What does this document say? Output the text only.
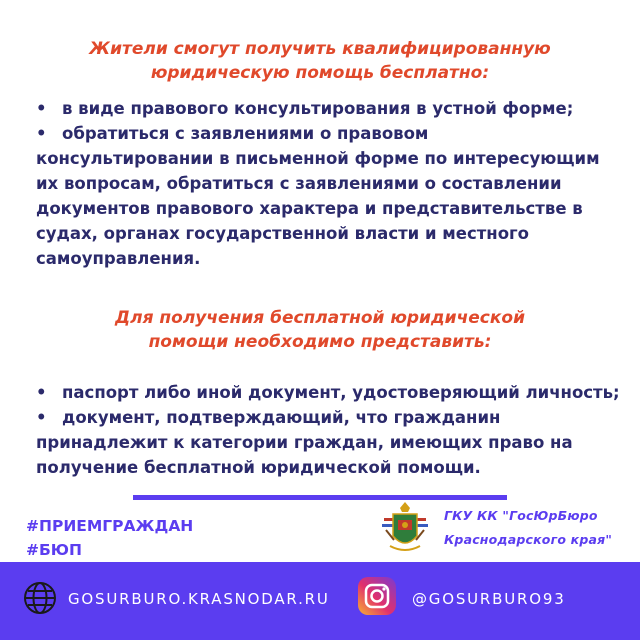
Жители смогут получить квалифицированную
юридическую помощь бесплатно:
• в виде правового консультирования в устной форме;
• обратиться с заявлениями о правовом
консультировании в письменной форме по интересующим
их вопросам, обратиться с заявлениями о составлении
документов правового характера и представительстве в
судах, органах государственной власти и местного
самоуправления.
Для получения бесплатной юридической
помощи необходимо представить:
• паспорт либо иной документ, удостоверяющий личность;
• документ, подтверждающий, что гражданин
принадлежит к категории граждан, имеющих право на
получение бесплатной юридической помощи.
#ПРИЕМГРАЖДАН
#БЮП
ГКУ КК "ГосЮрБюро
Краснодарского края"
GOSURBURO.KRASNODAR.RU	@GOSURBURO93
